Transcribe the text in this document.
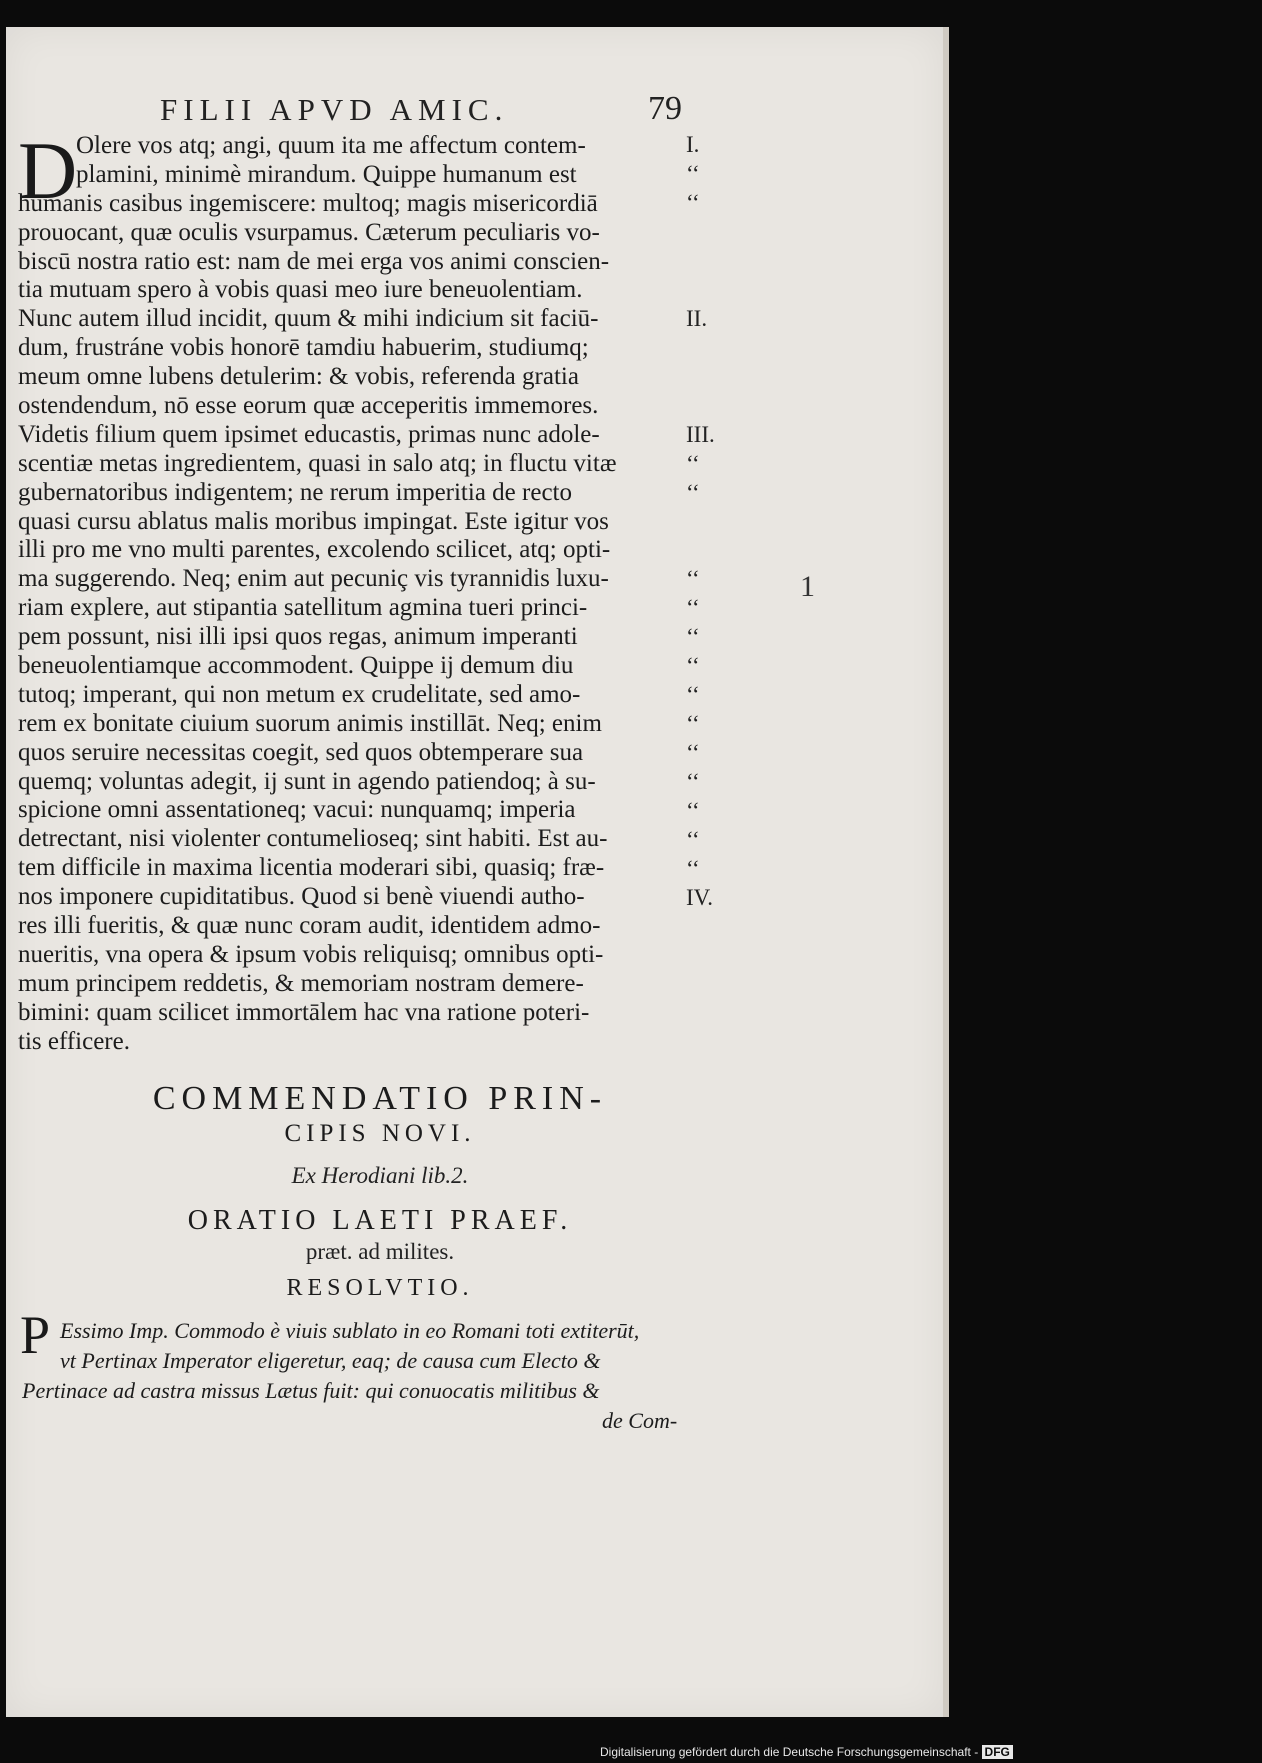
FILII APVD AMIC.	79
D
Olere vos atq; angi, quum ita me affectum contem-
plamini, minimè mirandum. Quippe humanum est
humanis casibus ingemiscere: multoq; magis misericordiā
prouocant, quæ oculis vsurpamus. Cæterum peculiaris vo-
biscū nostra ratio est: nam de mei erga vos animi conscien-
tia mutuam spero à vobis quasi meo iure beneuolentiam.
Nunc autem illud incidit, quum & mihi indicium sit faciū-
dum, frustráne vobis honorē tamdiu habuerim, studiumq;
meum omne lubens detulerim: & vobis, referenda gratia
ostendendum, nō esse eorum quæ acceperitis immemores.
Videtis filium quem ipsimet educastis, primas nunc adole-
scentiæ metas ingredientem, quasi in salo atq; in fluctu vitæ
gubernatoribus indigentem; ne rerum imperitia de recto
quasi cursu ablatus malis moribus impingat. Este igitur vos
illi pro me vno multi parentes, excolendo scilicet, atq; opti-
ma suggerendo. Neq; enim aut pecuniç vis tyrannidis luxu-
riam explere, aut stipantia satellitum agmina tueri princi-
pem possunt, nisi illi ipsi quos regas, animum imperanti
beneuolentiamque accommodent. Quippe ij demum diu
tutoq; imperant, qui non metum ex crudelitate, sed amo-
rem ex bonitate ciuium suorum animis instillāt. Neq; enim
quos seruire necessitas coegit, sed quos obtemperare sua
quemq; voluntas adegit, ij sunt in agendo patiendoq; à su-
spicione omni assentationeq; vacui: nunquamq; imperia
detrectant, nisi violenter contumelioseq; sint habiti. Est au-
tem difficile in maxima licentia moderari sibi, quasiq; fræ-
nos imponere cupiditatibus. Quod si benè viuendi autho-
res illi fueritis, & quæ nunc coram audit, identidem admo-
nueritis, vna opera & ipsum vobis reliquisq; omnibus opti-
mum principem reddetis, & memoriam nostram demere-
bimini: quam scilicet immortālem hac vna ratione poteri-
tis efficere.
I.
II.
III.
IV.
‘‘
‘‘
‘‘
‘‘
‘‘
‘‘
‘‘
‘‘
‘‘
‘‘
‘‘
‘‘
‘‘
‘‘
‘‘
1
COMMENDATIO PRIN-
CIPIS NOVI.
Ex Herodiani lib.2.
ORATIO LAETI PRAEF.
præt. ad milites.
RESOLVTIO.
P Essimo Imp. Commodo è viuis sublato in eo Romani toti extiterūt,
vt Pertinax Imperator eligeretur, eaq; de causa cum Electo &
Pertinace ad castra missus Lætus fuit: qui conuocatis militibus &
de Com-
Digitalisierung gefördert durch die Deutsche Forschungsgemeinschaft - DFG
